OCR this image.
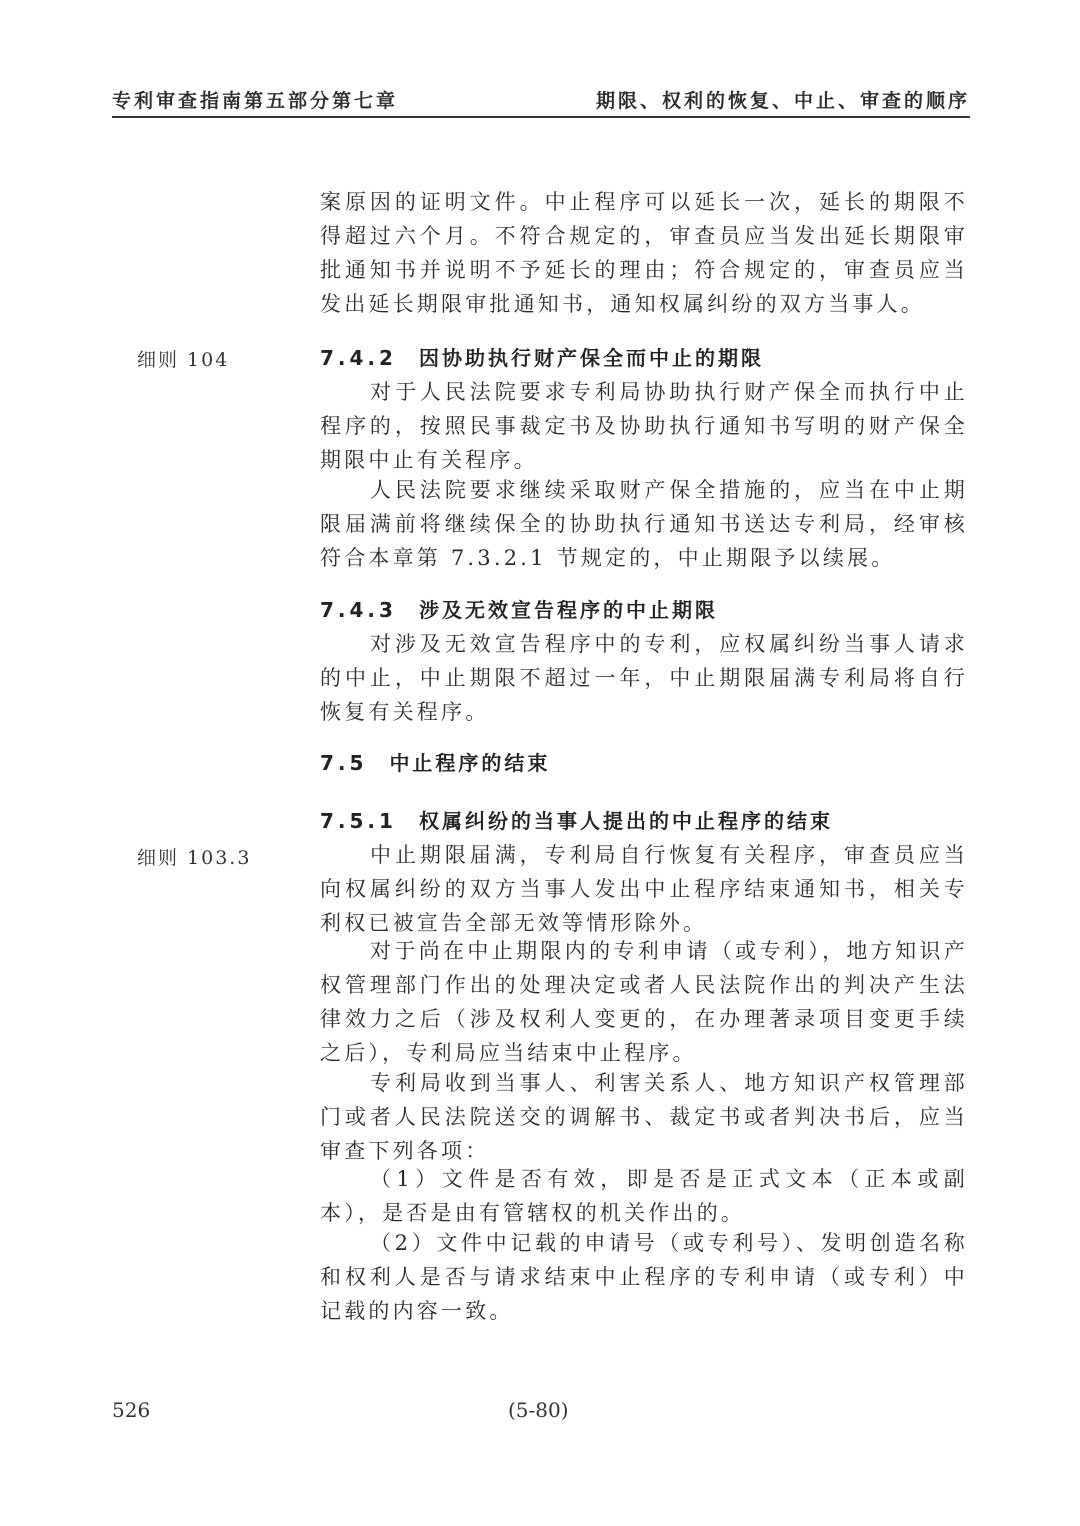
专利审查指南第五部分第七章	期限、权利的恢复、中止、审查的顺序
案原因的证明文件。中止程序可以延长一次，延长的期限不得超过六个月。不符合规定的，审查员应当发出延长期限审批通知书并说明不予延长的理由；符合规定的，审查员应当发出延长期限审批通知书，通知权属纠纷的双方当事人。
细则 104	7.4.2 因协助执行财产保全而中止的期限
对于人民法院要求专利局协助执行财产保全而执行中止程序的，按照民事裁定书及协助执行通知书写明的财产保全期限中止有关程序。
人民法院要求继续采取财产保全措施的，应当在中止期限届满前将继续保全的协助执行通知书送达专利局，经审核符合本章第 7.3.2.1 节规定的，中止期限予以续展。
7.4.3 涉及无效宣告程序的中止期限
对涉及无效宣告程序中的专利，应权属纠纷当事人请求的中止，中止期限不超过一年，中止期限届满专利局将自行恢复有关程序。
7.5 中止程序的结束
7.5.1 权属纠纷的当事人提出的中止程序的结束
细则 103.3	中止期限届满，专利局自行恢复有关程序，审查员应当向权属纠纷的双方当事人发出中止程序结束通知书，相关专利权已被宣告全部无效等情形除外。
对于尚在中止期限内的专利申请（或专利），地方知识产权管理部门作出的处理决定或者人民法院作出的判决产生法律效力之后（涉及权利人变更的，在办理著录项目变更手续之后），专利局应当结束中止程序。
专利局收到当事人、利害关系人、地方知识产权管理部门或者人民法院送交的调解书、裁定书或者判决书后，应当审查下列各项：
（1）文件是否有效，即是否是正式文本（正本或副本），是否是由有管辖权的机关作出的。
（2）文件中记载的申请号（或专利号）、发明创造名称和权利人是否与请求结束中止程序的专利申请（或专利）中记载的内容一致。
526	(5-80)
